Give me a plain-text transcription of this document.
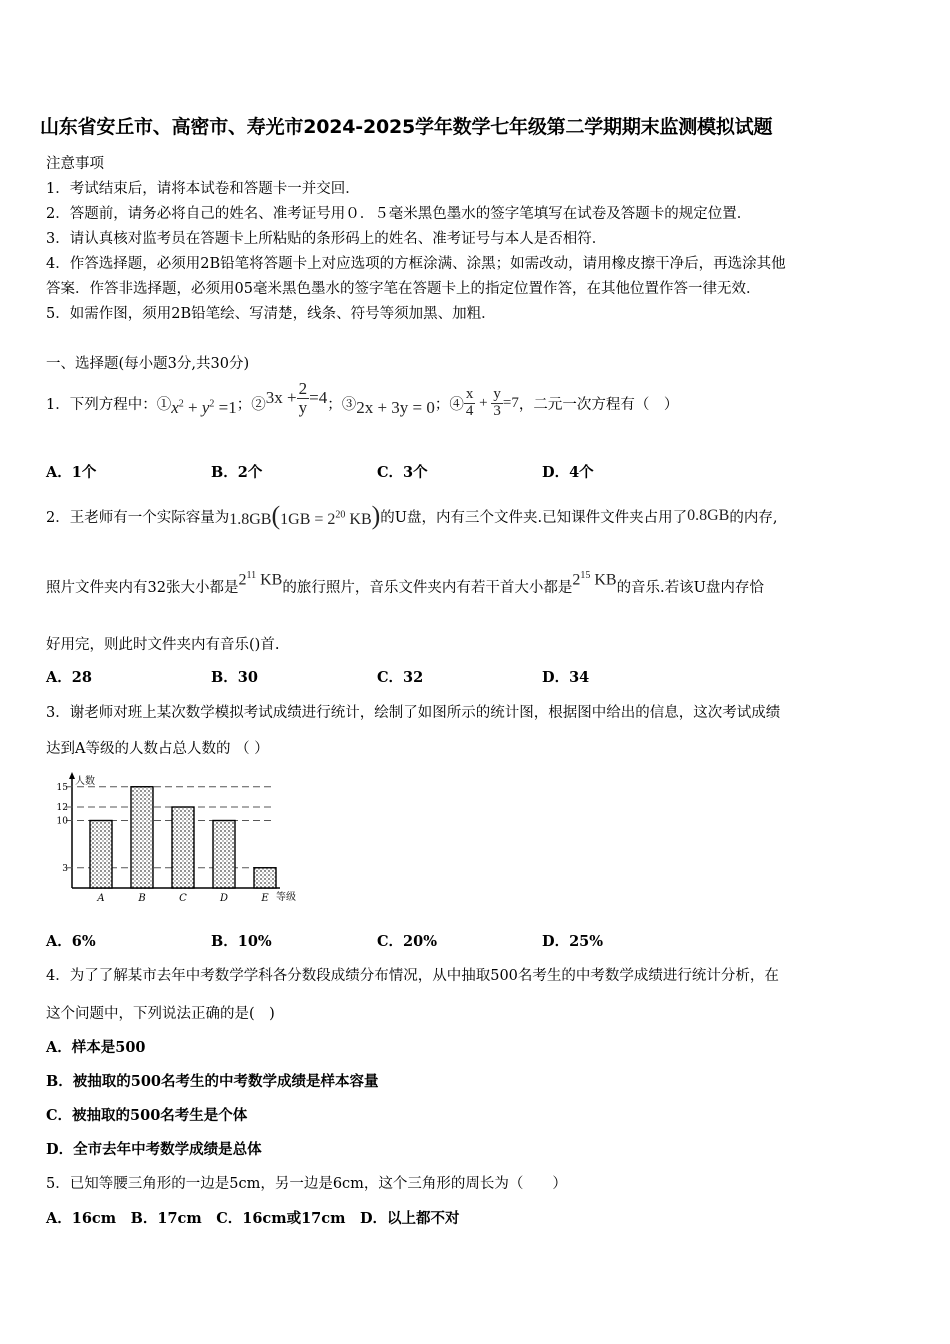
山东省安丘市、高密市、寿光市2024-2025学年数学七年级第二学期期末监测模拟试题
注意事项
1．考试结束后，请将本试卷和答题卡一并交回．
2．答题前，请务必将自己的姓名、准考证号用０．５毫米黑色墨水的签字笔填写在试卷及答题卡的规定位置．
3．请认真核对监考员在答题卡上所粘贴的条形码上的姓名、准考证号与本人是否相符．
4．作答选择题，必须用2B铅笔将答题卡上对应选项的方框涂满、涂黑；如需改动，请用橡皮擦干净后，再选涂其他
答案．作答非选择题，必须用05毫米黑色墨水的签字笔在答题卡上的指定位置作答，在其他位置作答一律无效．
5．如需作图，须用2B铅笔绘、写清楚，线条、符号等须加黑、加粗．
一、选择题(每小题3分,共30分)
1． 下列方程中：① $x^2 + y^2 =1$ ；② $3x + \frac{2}{y} =4$ ；③ 2x + 3y = 0 ；④ $\frac{x}{4} + \frac{y}{3} =7$ ，二元一次方程有（　）
A．1个	B．2个	C．3个	D．4个
2． 王老师有一个实际容量为 $1.8GB(1GB = 2^{20}$ KB) 的U盘，内有三个文件夹.已知课件文件夹占用了 0.8GB 的内存,
照片文件夹内有32张大小都是 $2^{11}$ KB 的旅行照片，音乐文件夹内有若干首大小都是 $2^{15}$ KB 的音乐.若该U盘内存恰
好用完，则此时文件夹内有音乐()首.
A．28	B．30	C．32	D．34
3．谢老师对班上某次数学模拟考试成绩进行统计，绘制了如图所示的统计图，根据图中给出的信息，这次考试成绩
达到A等级的人数占总人数的 （ ）
人数
等级
3
10
12
15
A	B	C	D	E
A．6%	B．10%	C．20%	D．25%
4．为了了解某市去年中考数学学科各分数段成绩分布情况，从中抽取500名考生的中考数学成绩进行统计分析，在
这个问题中，下列说法正确的是(　)
A．样本是500
B．被抽取的500名考生的中考数学成绩是样本容量
C．被抽取的500名考生是个体
D．全市去年中考数学成绩是总体
5．已知等腰三角形的一边是5cm，另一边是6cm，这个三角形的周长为（　　）
A．16cm　B．17cm　C．16cm或17cm　D．以上都不对
